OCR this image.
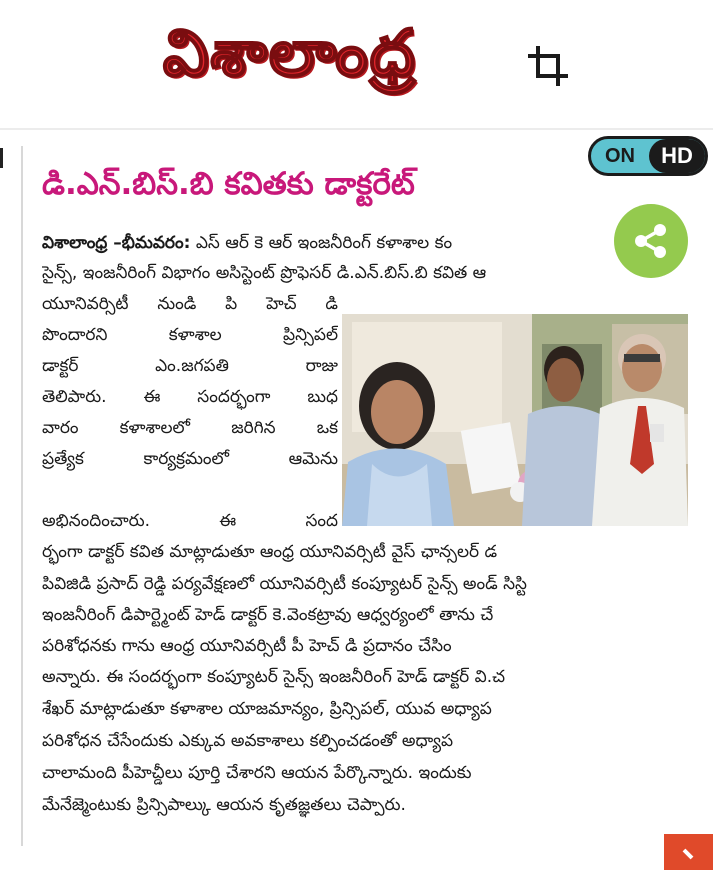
విశాలాంధ్ర
ON	HD
డి.ఎన్.బిస్.బి కవితకు డాక్టరేట్
విశాలాంధ్ర –భీమవరం: ఎస్ ఆర్ కె ఆర్ ఇంజనీరింగ్ కళాశాల కం
సైన్స్, ఇంజనీరింగ్ విభాగం అసిస్టెంట్ ప్రొఫెసర్ డి.ఎన్.బిస్.బి కవిత ఆ
యూనివర్సిటీ నుండి పి హెచ్ డి
పొందారని కళాశాల ప్రిన్సిపల్
డాక్టర్ ఎం.జగపతి రాజు
తెలిపారు. ఈ సందర్భంగా బుధ
వారం కళాశాలలో జరిగిన ఒక
ప్రత్యేక కార్యక్రమంలో ఆమెను
అభినందించారు. ఈ సంద
ర్భంగా డాక్టర్ కవిత మాట్లాడుతూ ఆంధ్ర యూనివర్సిటీ వైస్ ఛాన్సలర్ డ
పివిజిడి ప్రసాద్ రెడ్డి పర్యవేక్షణలో యూనివర్సిటీ కంప్యూటర్ సైన్స్ అండ్ సిస్టి
ఇంజనీరింగ్ డిపార్ట్మెంట్ హెడ్ డాక్టర్ కె.వెంకట్రావు ఆధ్వర్యంలో తాను చే
పరిశోధనకు గాను ఆంధ్ర యూనివర్సిటీ పీ హెచ్ డి ప్రదానం చేసిం
అన్నారు. ఈ సందర్భంగా కంప్యూటర్ సైన్స్ ఇంజనీరింగ్ హెడ్ డాక్టర్ వి.చ
శేఖర్ మాట్లాడుతూ కళాశాల యాజమాన్యం, ప్రిన్సిపల్, యువ అధ్యాప
పరిశోధన చేసేందుకు ఎక్కువ అవకాశాలు కల్పించడంతో అధ్యాప
చాలామంది పీహెచ్డీలు పూర్తి చేశారని ఆయన పేర్కొన్నారు. ఇందుకు
మేనేజ్మెంటుకు ప్రిన్సిపాల్కు ఆయన కృతజ్ఞతలు చెప్పారు.
